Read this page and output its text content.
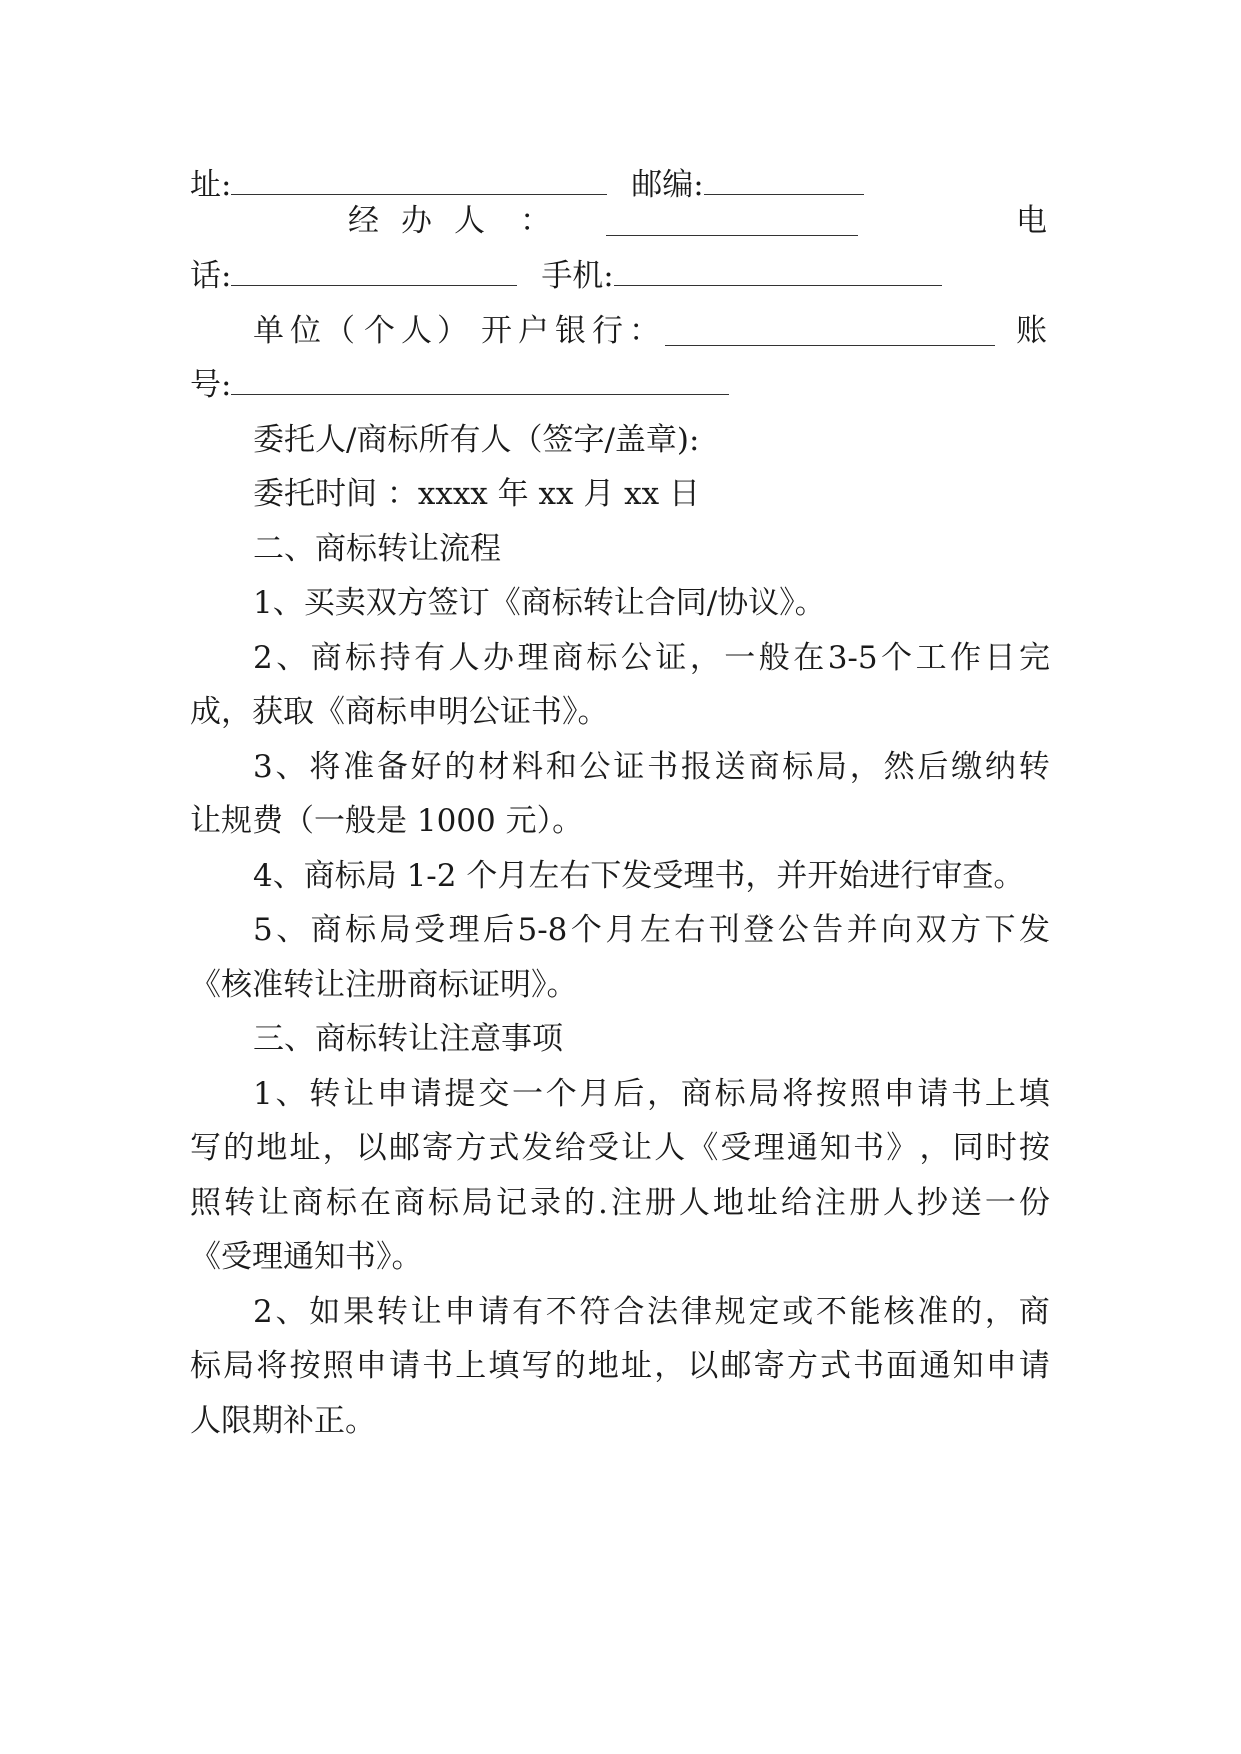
址:	邮编:
经 办 人 ：	电
话:	手机:
单 位 （ 个 人 ） 开 户 银 行 ：	账
号:
委托人/商标所有人（签字/盖章):
委托时间 ：xxxx 年 xx 月 xx 日
二、商标转让流程
1、买卖双方签订《商标转让合同/协议》。
2 、 商 标 持 有 人 办 理 商 标 公 证 ， 一 般 在 3-5 个 工 作 日 完
成，获取《商标申明公证书》。
3 、 将 准 备 好 的 材 料 和 公 证 书 报 送 商 标 局 ， 然 后 缴 纳 转
让规费（一般是 1000 元）。
4、商标局 1-2 个月左右下发受理书，并开始进行审查。
5 、 商 标 局 受 理 后 5-8 个 月 左 右 刊 登 公 告 并 向 双 方 下 发
《核准转让注册商标证明》。
三、商标转让注意事项
1 、 转 让 申 请 提 交 一 个 月 后 ， 商 标 局 将 按 照 申 请 书 上 填
写 的 地 址 ， 以 邮 寄 方 式 发 给 受 让 人 《 受 理 通 知 书 》 ， 同 时 按
照 转 让 商 标 在 商 标 局 记 录 的 . 注 册 人 地 址 给 注 册 人 抄 送 一 份
《受理通知书》。
2 、 如 果 转 让 申 请 有 不 符 合 法 律 规 定 或 不 能 核 准 的 ， 商
标 局 将 按 照 申 请 书 上 填 写 的 地 址 ， 以 邮 寄 方 式 书 面 通 知 申 请
人限期补正。
